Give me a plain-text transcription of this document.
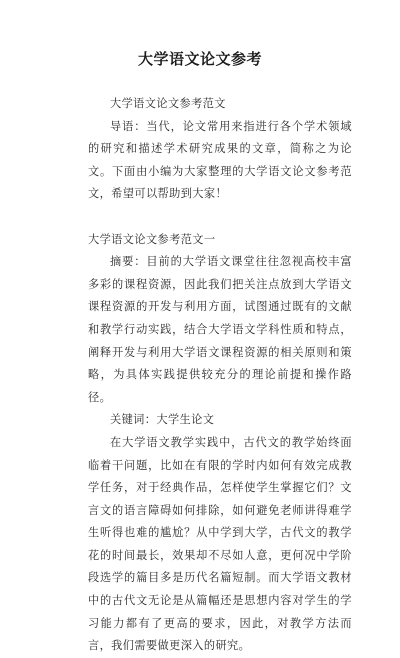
大学语文论文参考

大学语文论文参考范文

导语：当代，论文常用来指进行各个学术领域的研究和描述学术研究成果的文章，简称之为论文。下面由小编为大家整理的大学语文论文参考范文，希望可以帮助到大家！

大学语文论文参考范文一

摘要：目前的大学语文课堂往往忽视高校丰富多彩的课程资源，因此我们把关注点放到大学语文课程资源的开发与利用方面，试图通过既有的文献和教学行动实践，结合大学语文学科性质和特点，阐释开发与利用大学语文课程资源的相关原则和策略，为具体实践提供较充分的理论前提和操作路径。

关键词：大学生论文

在大学语文教学实践中，古代文的教学始终面临着干问题，比如在有限的学时内如何有效完成教学任务，对于经典作品，怎样使学生掌握它们？文言文的语言障碍如何排除，如何避免老师讲得难学生听得也难的尴尬？从中学到大学，古代文的教学花的时间最长，效果却不尽如人意，更何况中学阶段选学的篇目多是历代名篇短制。而大学语文教材中的古代文无论是从篇幅还是思想内容对学生的学习能力都有了更高的要求，因此，对教学方法而言，我们需要做更深入的研究。
